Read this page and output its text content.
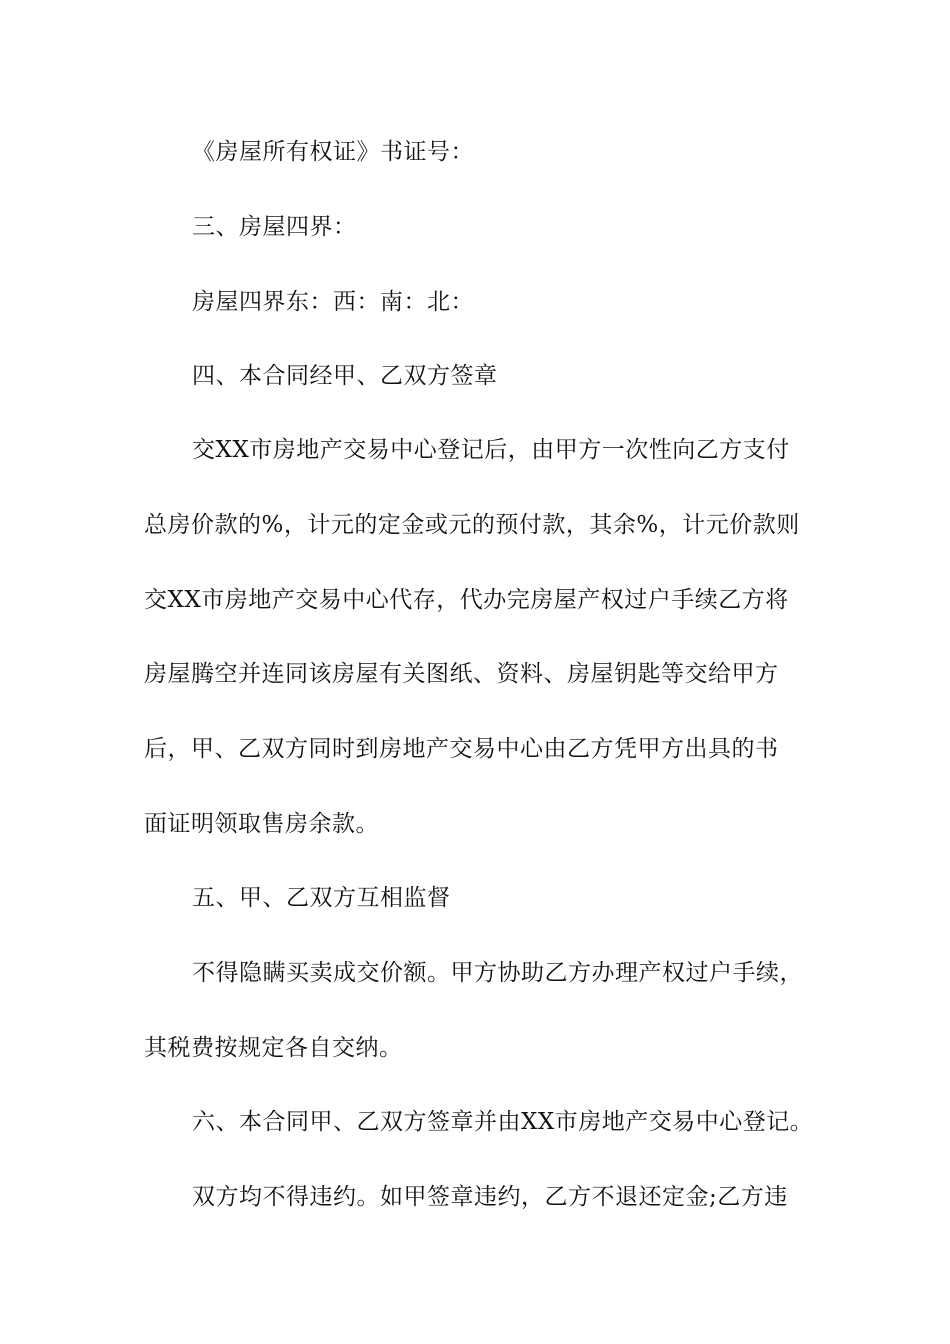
《房屋所有权证》书证号：
三、房屋四界：
房屋四界东：西：南：北：
四、本合同经甲、乙双方签章
交XX市房地产交易中心登记后，由甲方一次性向乙方支付
总房价款的%，计元的定金或元的预付款，其余%，计元价款则
交XX市房地产交易中心代存，代办完房屋产权过户手续乙方将
房屋腾空并连同该房屋有关图纸、资料、房屋钥匙等交给甲方
后，甲、乙双方同时到房地产交易中心由乙方凭甲方出具的书
面证明领取售房余款。
五、甲、乙双方互相监督
不得隐瞒买卖成交价额。甲方协助乙方办理产权过户手续，
其税费按规定各自交纳。
六、本合同甲、乙双方签章并由XX市房地产交易中心登记。
双方均不得违约。如甲签章违约，乙方不退还定金;乙方违
